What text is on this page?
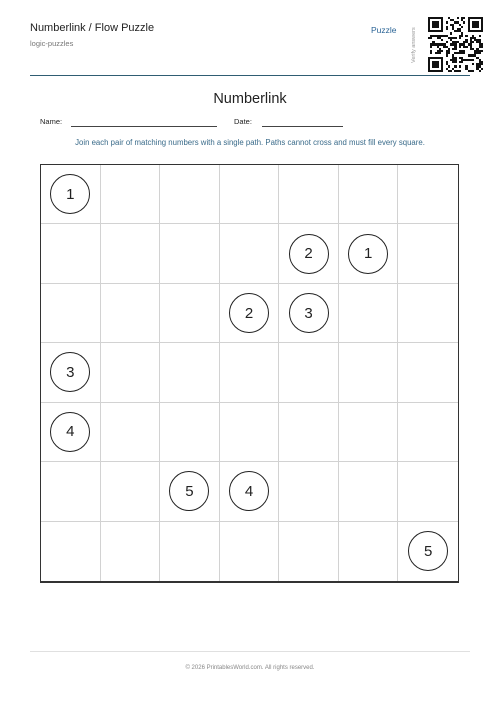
Numberlink / Flow Puzzle
logic-puzzles
Puzzle	Verify answers
Numberlink
Name:	Date:
Join each pair of matching numbers with a single path. Paths cannot cross and must fill every square.
1
2	1
2	3
3
4
5	4
5
© 2026 PrintablesWorld.com. All rights reserved.
